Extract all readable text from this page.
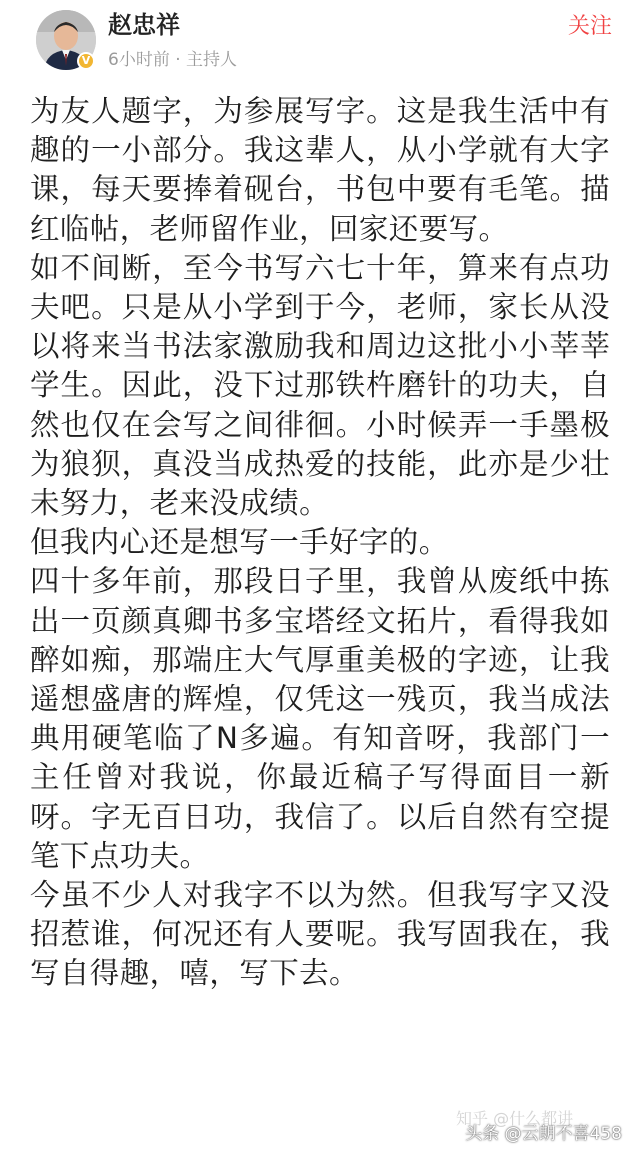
V
赵忠祥
6小时前 · 主持人
关注

为友人题字，为参展写字。这是我生活中有趣的一小部分。我这辈人，从小学就有大字课，每天要捧着砚台，书包中要有毛笔。描红临帖，老师留作业，回家还要写。

如不间断，至今书写六七十年，算来有点功夫吧。只是从小学到于今，老师，家长从没以将来当书法家激励我和周边这批小小莘莘学生。因此，没下过那铁杵磨针的功夫，自然也仅在会写之间徘徊。小时候弄一手墨极为狼狈，真没当成热爱的技能，此亦是少壮未努力，老来没成绩。

但我内心还是想写一手好字的。

四十多年前，那段日子里，我曾从废纸中拣出一页颜真卿书多宝塔经文拓片，看得我如醉如痴，那端庄大气厚重美极的字迹，让我遥想盛唐的辉煌，仅凭这一残页，我当成法典用硬笔临了N多遍。有知音呀，我部门一主任曾对我说，你最近稿子写得面目一新呀。字无百日功，我信了。以后自然有空提笔下点功夫。

今虽不少人对我字不以为然。但我写字又没招惹谁，何况还有人要呢。我写固我在，我写自得趣，嘻，写下去。

知乎 @什么都讲
头条 @云朗不喜458
